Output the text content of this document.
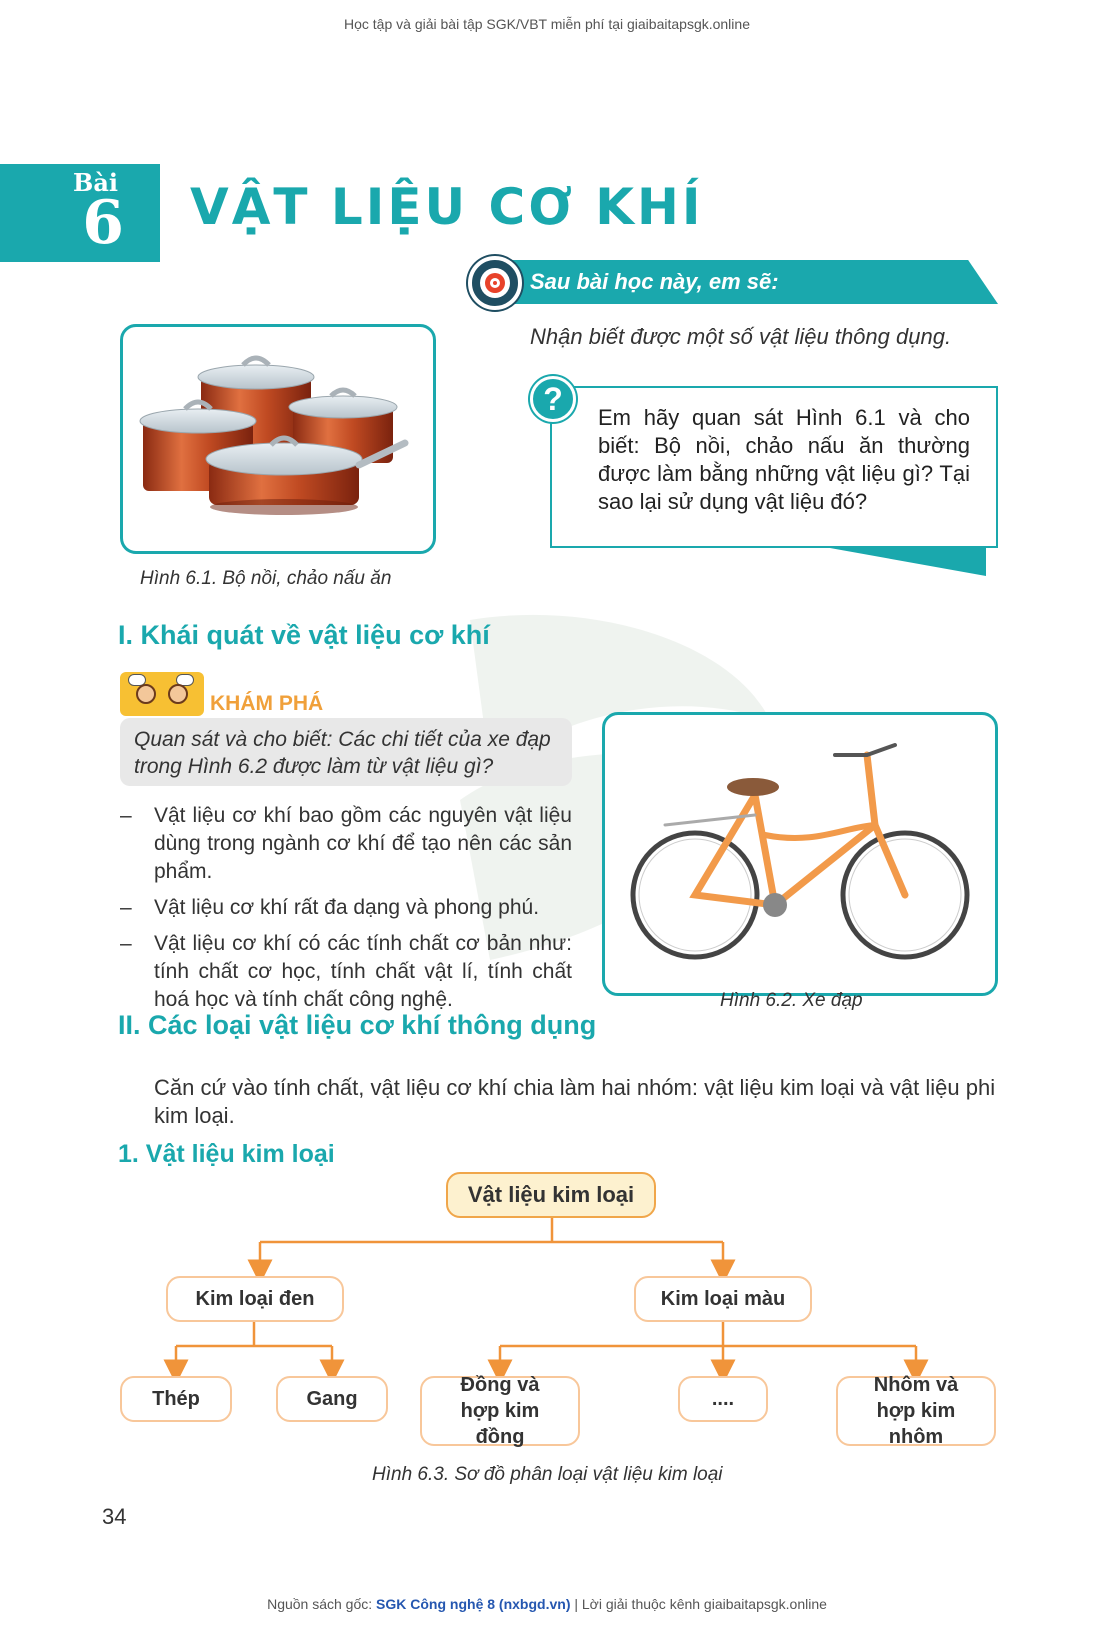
Học tập và giải bài tập SGK/VBT miễn phí tại giaibaitapsgk.online
Bài
6 VẬT LIỆU CƠ KHÍ
Sau bài học này, em sẽ:
Nhận biết được một số vật liệu thông dụng.
Hình 6.1. Bộ nồi, chảo nấu ăn
?
Em hãy quan sát Hình 6.1 và cho biết: Bộ nồi, chảo nấu ăn thường được làm bằng những vật liệu gì? Tại sao lại sử dụng vật liệu đó?
I. Khái quát về vật liệu cơ khí
KHÁM PHÁ
Quan sát và cho biết: Các chi tiết của xe đạp trong Hình 6.2 được làm từ vật liệu gì?
– Vật liệu cơ khí bao gồm các nguyên vật liệu dùng trong ngành cơ khí để tạo nên các sản phẩm.
– Vật liệu cơ khí rất đa dạng và phong phú.
– Vật liệu cơ khí có các tính chất cơ bản như: tính chất cơ học, tính chất vật lí, tính chất hoá học và tính chất công nghệ.	Hình 6.2. Xe đạp
II. Các loại vật liệu cơ khí thông dụng
Căn cứ vào tính chất, vật liệu cơ khí chia làm hai nhóm: vật liệu kim loại và vật liệu phi kim loại.
1. Vật liệu kim loại
Vật liệu kim loại
Kim loại đen	Kim loại màu
Thép	Gang
Đồng và hợp kim đồng
....
Nhôm và hợp kim nhôm
Hình 6.3. Sơ đồ phân loại vật liệu kim loại
34
Nguồn sách gốc: SGK Công nghệ 8 (nxbgd.vn) | Lời giải thuộc kênh giaibaitapsgk.online
